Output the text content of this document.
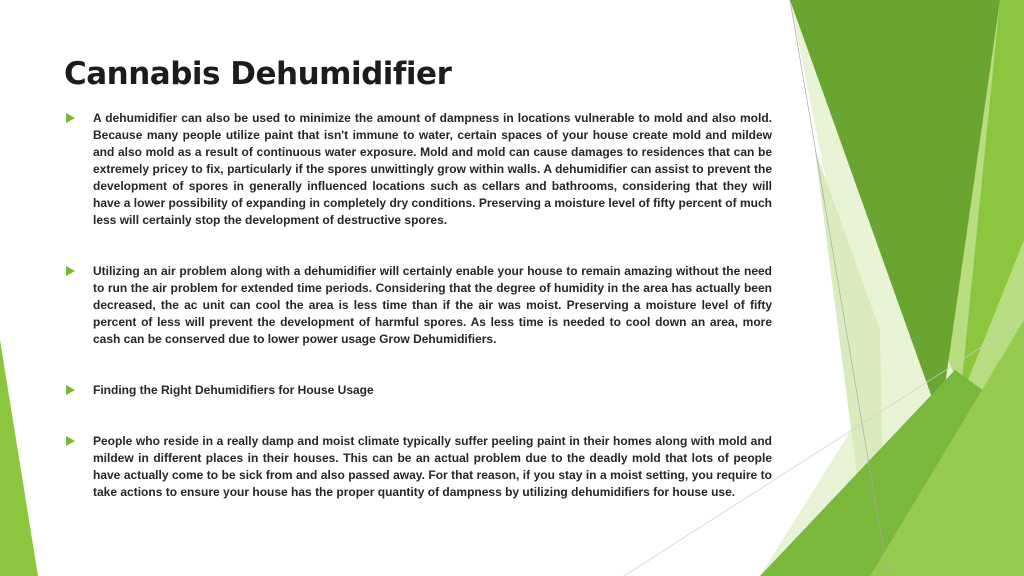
Cannabis Dehumidifier
A dehumidifier can also be used to minimize the amount of dampness in locations vulnerable to mold and also mold. Because many people utilize paint that isn't immune to water, certain spaces of your house create mold and mildew and also mold as a result of continuous water exposure. Mold and mold can cause damages to residences that can be extremely pricey to fix, particularly if the spores unwittingly grow within walls. A dehumidifier can assist to prevent the development of spores in generally influenced locations such as cellars and bathrooms, considering that they will have a lower possibility of expanding in completely dry conditions. Preserving a moisture level of fifty percent of much less will certainly stop the development of destructive spores.
Utilizing an air problem along with a dehumidifier will certainly enable your house to remain amazing without the need to run the air problem for extended time periods. Considering that the degree of humidity in the area has actually been decreased, the ac unit can cool the area is less time than if the air was moist. Preserving a moisture level of fifty percent of less will prevent the development of harmful spores. As less time is needed to cool down an area, more cash can be conserved due to lower power usage Grow Dehumidifiers.
Finding the Right Dehumidifiers for House Usage
People who reside in a really damp and moist climate typically suffer peeling paint in their homes along with mold and mildew in different places in their houses. This can be an actual problem due to the deadly mold that lots of people have actually come to be sick from and also passed away. For that reason, if you stay in a moist setting, you require to take actions to ensure your house has the proper quantity of dampness by utilizing dehumidifiers for house use.
